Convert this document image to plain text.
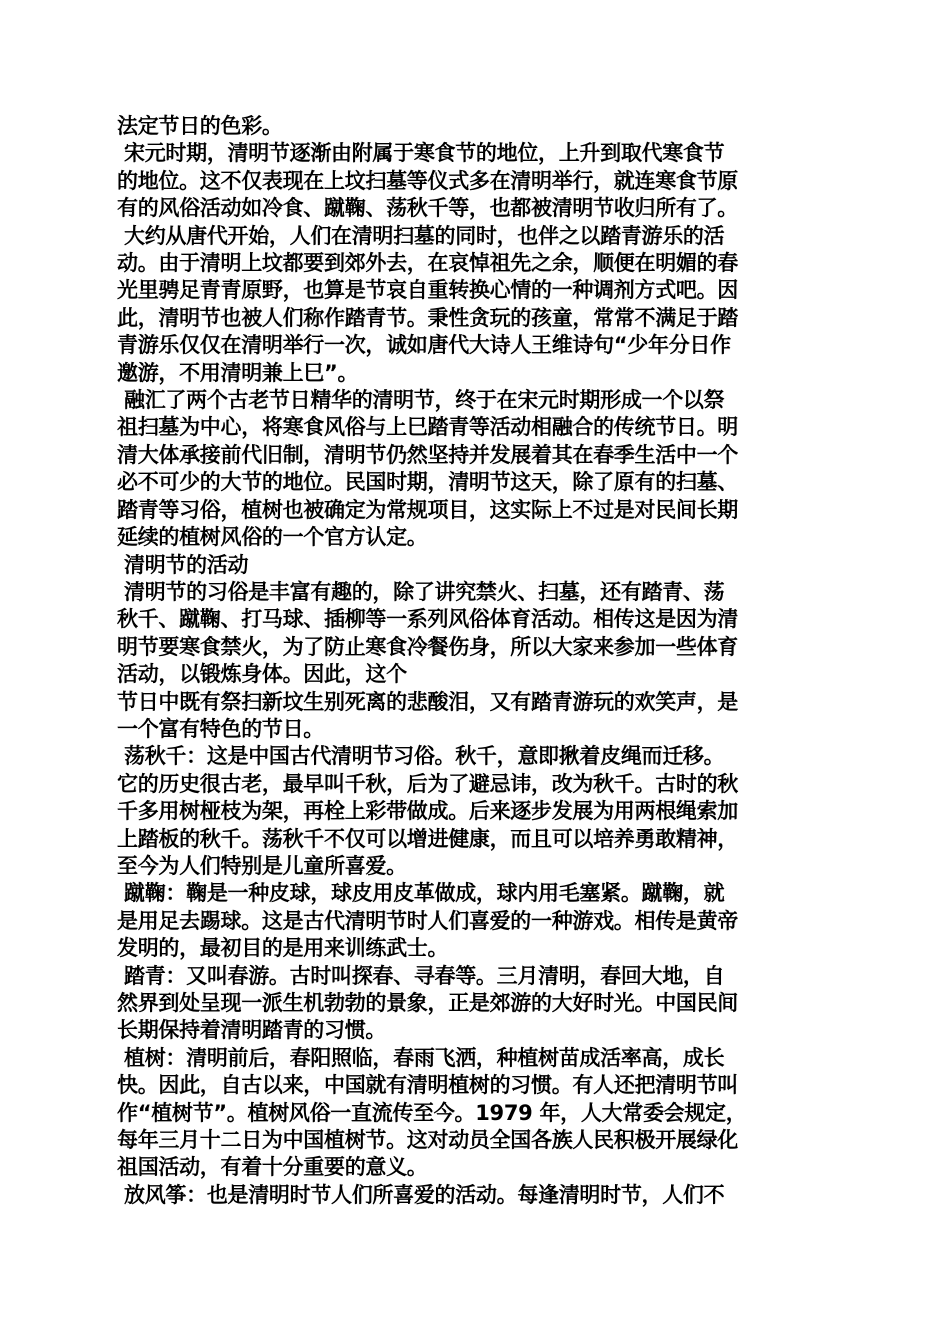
法定节日的色彩。

宋元时期，清明节逐渐由附属于寒食节的地位，上升到取代寒食节

的地位。这不仅表现在上坟扫墓等仪式多在清明举行，就连寒食节原

有的风俗活动如冷食、蹴鞠、荡秋千等，也都被清明节收归所有了。

大约从唐代开始，人们在清明扫墓的同时，也伴之以踏青游乐的活

动。由于清明上坟都要到郊外去，在哀悼祖先之余，顺便在明媚的春

光里骋足青青原野，也算是节哀自重转换心情的一种调剂方式吧。因

此，清明节也被人们称作踏青节。秉性贪玩的孩童，常常不满足于踏

青游乐仅仅在清明举行一次，诚如唐代大诗人王维诗句“少年分日作

邀游，不用清明兼上巳”。

融汇了两个古老节日精华的清明节，终于在宋元时期形成一个以祭

祖扫墓为中心，将寒食风俗与上巳踏青等活动相融合的传统节日。明

清大体承接前代旧制，清明节仍然坚持并发展着其在春季生活中一个

必不可少的大节的地位。民国时期，清明节这天，除了原有的扫墓、

踏青等习俗，植树也被确定为常规项目，这实际上不过是对民间长期

延续的植树风俗的一个官方认定。

清明节的活动

清明节的习俗是丰富有趣的，除了讲究禁火、扫墓，还有踏青、荡

秋千、蹴鞠、打马球、插柳等一系列风俗体育活动。相传这是因为清

明节要寒食禁火，为了防止寒食冷餐伤身，所以大家来参加一些体育

活动，以锻炼身体。因此，这个

节日中既有祭扫新坟生别死离的悲酸泪，又有踏青游玩的欢笑声，是

一个富有特色的节日。

荡秋千：这是中国古代清明节习俗。秋千，意即揪着皮绳而迁移。

它的历史很古老，最早叫千秋，后为了避忌讳，改为秋千。古时的秋

千多用树桠枝为架，再栓上彩带做成。后来逐步发展为用两根绳索加

上踏板的秋千。荡秋千不仅可以增进健康，而且可以培养勇敢精神，

至今为人们特别是儿童所喜爱。

蹴鞠：鞠是一种皮球，球皮用皮革做成，球内用毛塞紧。蹴鞠，就

是用足去踢球。这是古代清明节时人们喜爱的一种游戏。相传是黄帝

发明的，最初目的是用来训练武士。

踏青：又叫春游。古时叫探春、寻春等。三月清明，春回大地，自

然界到处呈现一派生机勃勃的景象，正是郊游的大好时光。中国民间

长期保持着清明踏青的习惯。

植树：清明前后，春阳照临，春雨飞洒，种植树苗成活率高，成长

快。因此，自古以来，中国就有清明植树的习惯。有人还把清明节叫

作“植树节”。植树风俗一直流传至今。1979 年，人大常委会规定，

每年三月十二日为中国植树节。这对动员全国各族人民积极开展绿化

祖国活动，有着十分重要的意义。

放风筝：也是清明时节人们所喜爱的活动。每逢清明时节，人们不
